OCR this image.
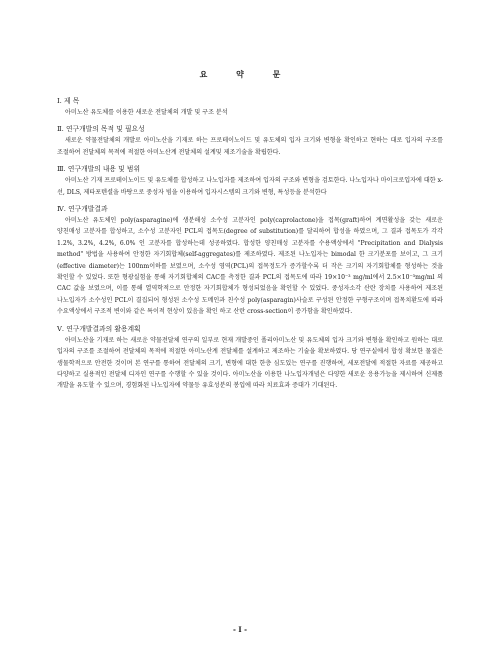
요 약 문
Ⅰ. 제 목

아미노산 유도체를 이용한 새로운 전달체의 개발 및 구조 분석

Ⅱ. 연구개발의 목적 및 필요성

새로운 약물전달체의 개발로 아미노산을 기재로 하는 프로테이노이드 및 유도체의 입자 크기와 변형을 확인하고 현하는 대로 입자의 구조를 조절하여 전달체의 목적에 적절한 아미노산계 전달체의 설계및 제조기술을 확립한다.

Ⅲ. 연구개발의 내용 및 범위

아미노산 기재 프로테이노이드 및 유도체를 합성하고 나노입자를 제조하여 입자의 구조와 변형을 검토한다. 나노입자나 마이크로입자에 대한 x-선, DLS, 제타포텐셜을 바탕으로 중성자 빔을 이용하여 입자시스템의 크기와 변형, 특성등을 분석한다

Ⅳ. 연구개발결과

아미노산 유도체인 poly(asparagine)에 생분해성 소수성 고분자인 poly(caprolactone)을 접목(graft)하여 계면활성을 갖는 새로운 양친매성 고분자를 합성하고, 소수성 고분자인 PCL의 접목도(degree of substitution)를 달리하여 합성을 하였으며, 그 결과 접목도가 각각 1.2%, 3.2%, 4.2%, 6.0% 인 고분자를 합성하는데 성공하였다. 합성한 양친매성 고분자를 수용액상에서 "Precipitation and Dialysis method" 방법을 사용하여 안정한 자기회합체(self-aggregates)를 제조하였다. 제조된 나노입자는 bimodal 한 크기분포를 보이고, 그 크기(effective diameter)는 100nm이하를 보였으며, 소수성 영역(PCL)의 접목정도가 증가할수록 더 작은 크기의 자기회합체를 형성하는 것을 확인할 수 있었다. 또한 형광실험을 통해 자기회합체의 CAC를 측정한 결과 PCL의 접목도에 따라 19×10⁻³ mg/ml에서 2.5×10⁻³mg/ml 의 CAC 값을 보였으며, 이를 통해 열역학적으로 안정한 자기회합체가 형성되었음을 확인할 수 있었다. 중성자소각 산란 장치를 사용하여 제조된 나노입자가 소수성인 PCL이 결집되어 형성된 소수성 도메인과 친수성 poly(asparagin)사슬로 구성된 안정한 구형구조이며 접목치환도에 따라 수요액상에서 구조적 변이와 같은 특이적 현상이 있음을 확인 하고 산란 cross-section이 증가함을 확인하였다.

Ⅴ. 연구개발결과의 활용계획

아미노산을 기재로 하는 새로운 약물전달체 연구의 일부로 현재 개발중인 폴리아미노산 및 유도체의 입자 크기와 변형을 확인하고 원하는 대로 입자의 구조를 조절하여 전달체의 목적에 적절한 아미노산계 전달체를 설계하고 제조하는 기술을 확보하였다. 당 연구실에서 합성 확보한 물질은 생물학적으로 안전한 것이며 본 연구를 통하여 전달체의 크기, 변형에 대한 한층 심도있는 연구를 진행하여, 세포전달에 적절한 자료를 제공하고 다양하고 실용적인 전달체 디자인 연구를 수행할 수 있을 것이다. 아미노산을 이용한 나노입자개념은 다양한 새로운 응용가능을 제시하여 신제품 개발을 유도할 수 있으며, 경험화된 나노입자에 약물등 유효성분의 봉입에 따라 치료효과 증대가 기대된다.

- I -
